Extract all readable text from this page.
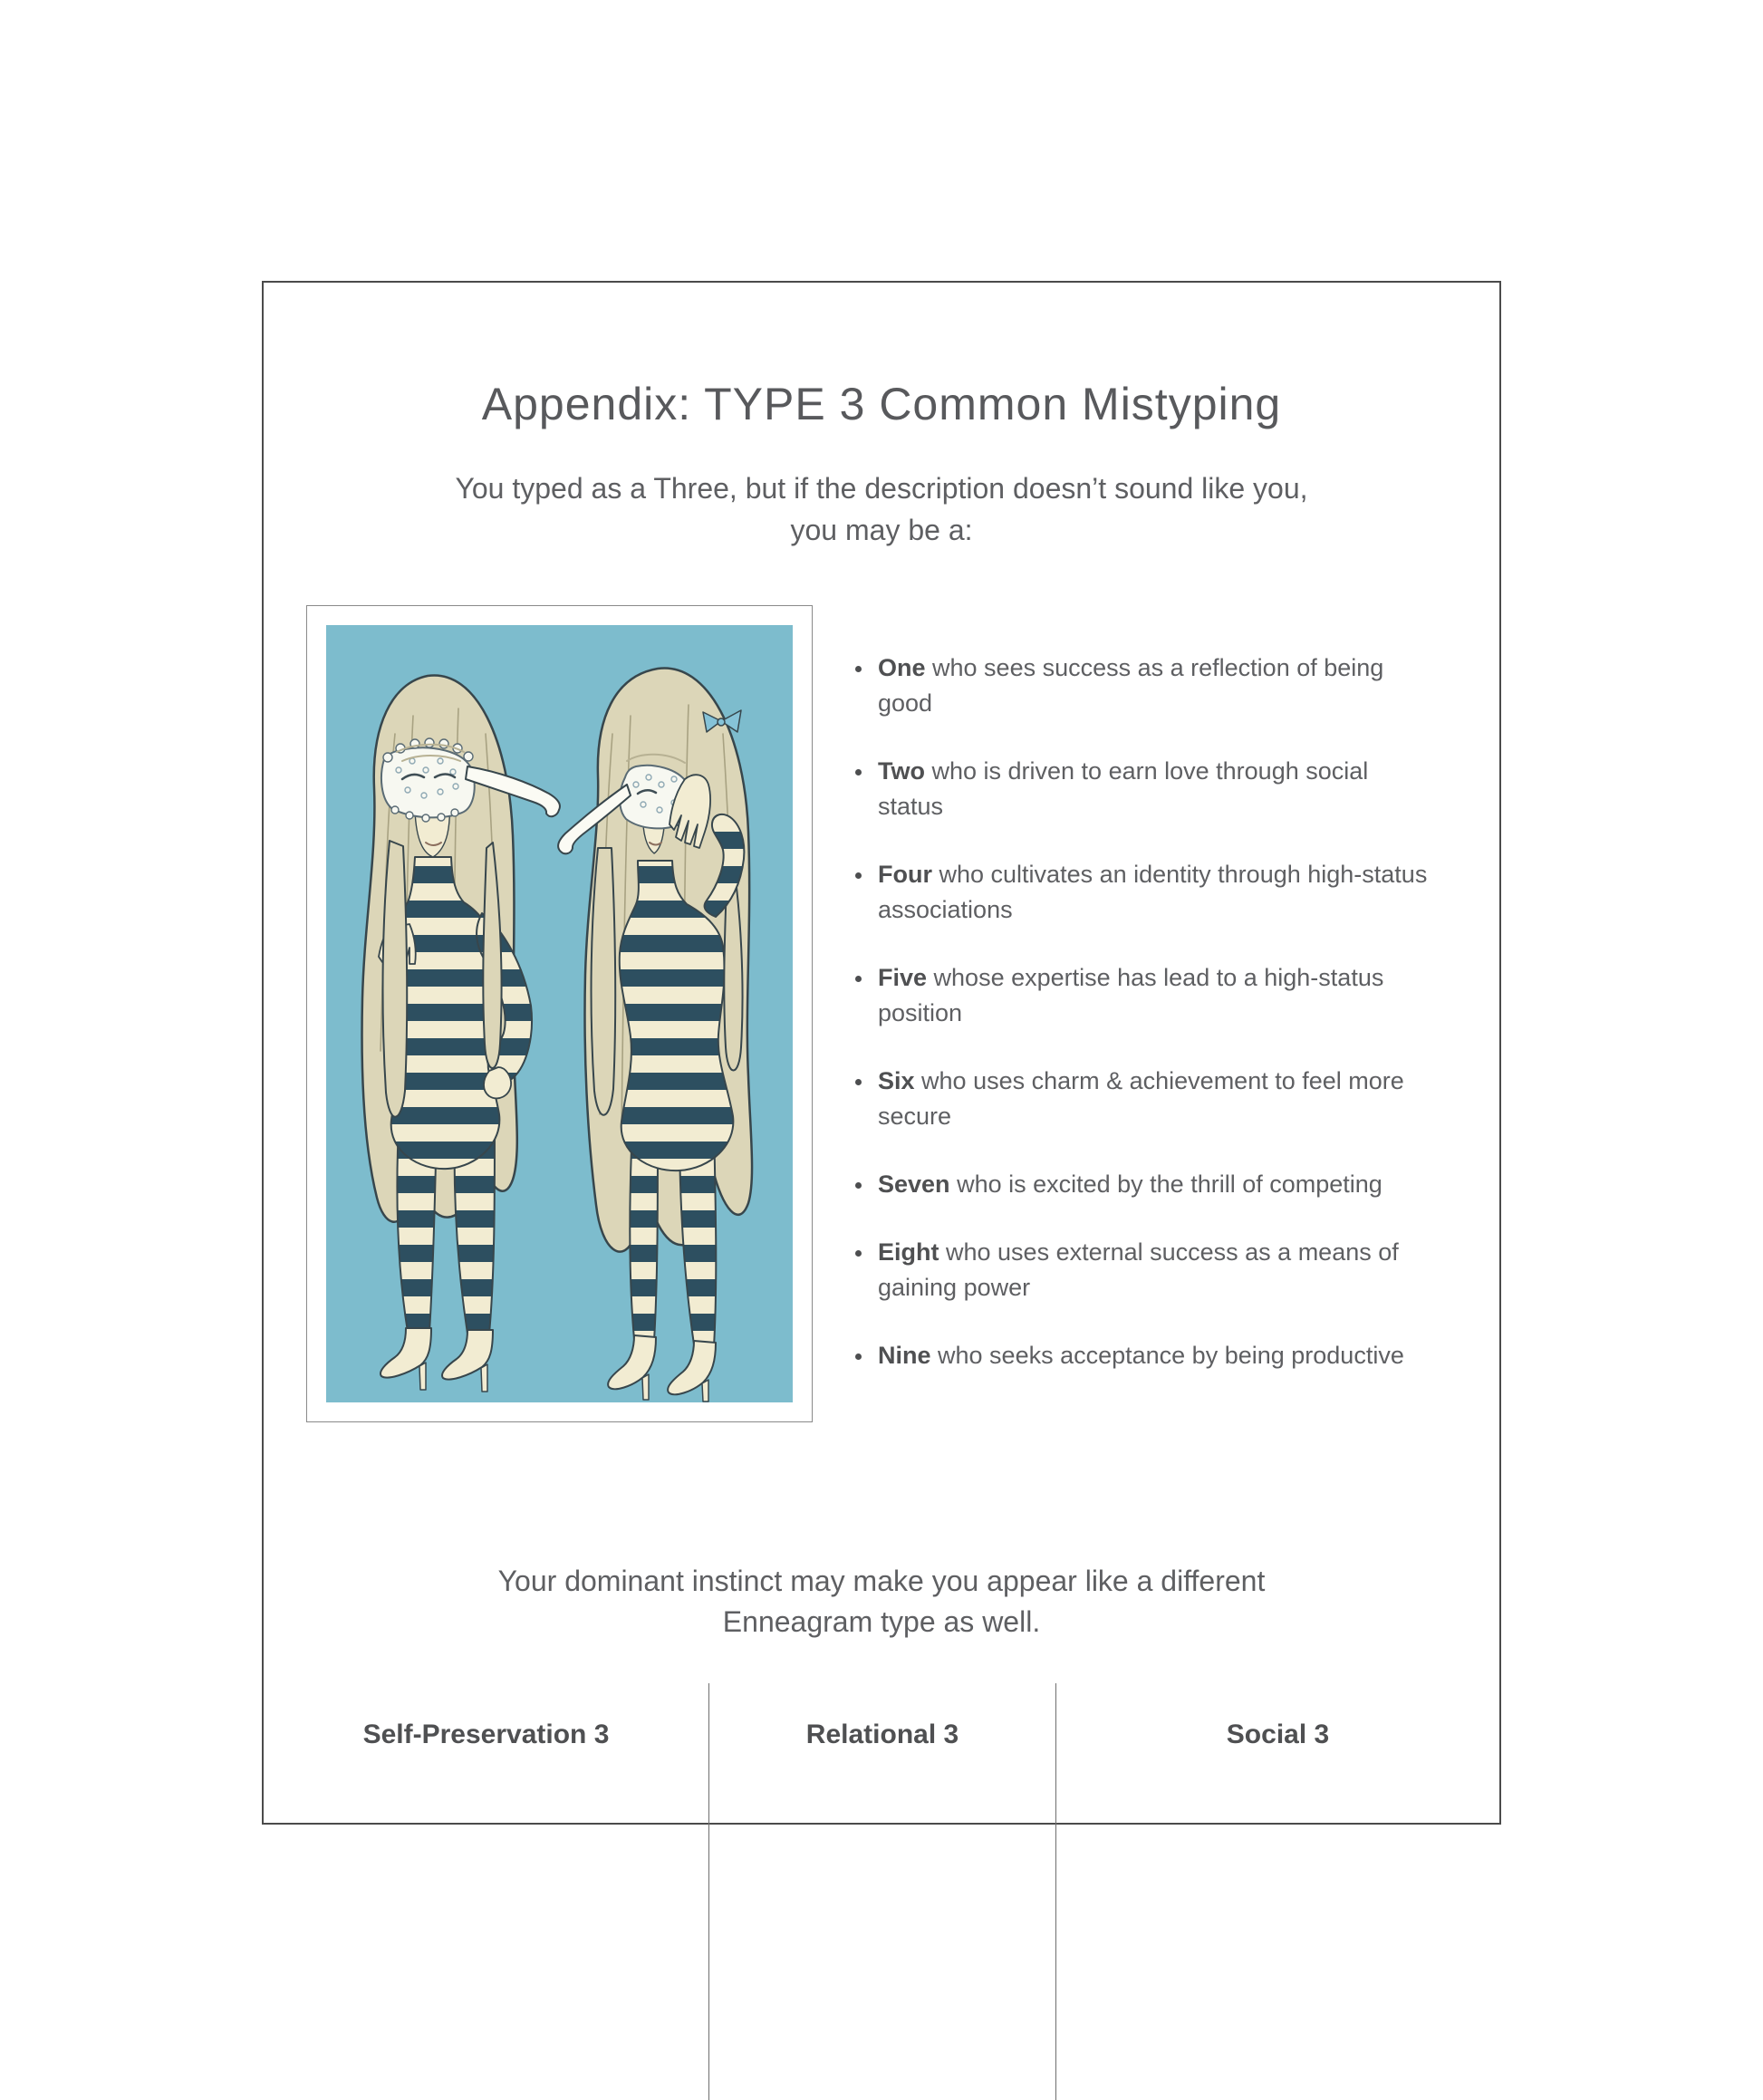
Appendix: TYPE 3 Common Mistyping

You typed as a Three, but if the description doesn’t sound like you,
you may be a:

• One who sees success as a reflection of being good
• Two who is driven to earn love through social status
• Four who cultivates an identity through high-status associations
• Five whose expertise has lead to a high-status position
• Six who uses charm & achievement to feel more secure
• Seven who is excited by the thrill of competing
• Eight who uses external success as a means of gaining power
• Nine who seeks acceptance by being productive

Your dominant instinct may make you appear like a different
Enneagram type as well.

Self-Preservation 3	Relational 3	Social 3
